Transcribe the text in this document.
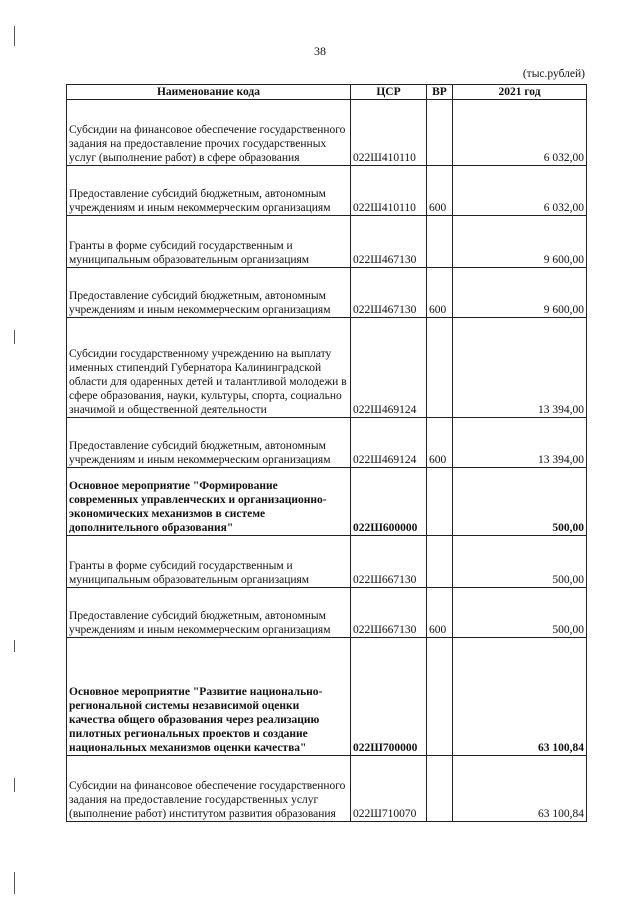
38
(тыс.рублей)
Наименование кода	ЦСР	ВР	2021 год
Субсидии на финансовое обеспечение государственного задания на предоставление прочих государственных услуг (выполнение работ) в сфере образования	022Ш410110		6 032,00
Предоставление субсидий бюджетным, автономным учреждениям и иным некоммерческим организациям	022Ш410110	600	6 032,00
Гранты в форме субсидий государственным и муниципальным образовательным организациям	022Ш467130		9 600,00
Предоставление субсидий бюджетным, автономным учреждениям и иным некоммерческим организациям	022Ш467130	600	9 600,00
Субсидии государственному учреждению на выплату именных стипендий Губернатора Калининградской области для одаренных детей и талантливой молодежи в сфере образования, науки, культуры, спорта, социально значимой и общественной деятельности	022Ш469124		13 394,00
Предоставление субсидий бюджетным, автономным учреждениям и иным некоммерческим организациям	022Ш469124	600	13 394,00
Основное мероприятие "Формирование современных управленческих и организационно-экономических механизмов в системе дополнительного образования"	022Ш600000		500,00
Гранты в форме субсидий государственным и муниципальным образовательным организациям	022Ш667130		500,00
Предоставление субсидий бюджетным, автономным учреждениям и иным некоммерческим организациям	022Ш667130	600	500,00
Основное мероприятие "Развитие национально-региональной системы независимой оценки качества общего образования через реализацию пилотных региональных проектов и создание национальных механизмов оценки качества"	022Ш700000		63 100,84
Субсидии на финансовое обеспечение государственного задания на предоставление государственных услуг (выполнение работ) институтом развития образования	022Ш710070		63 100,84
